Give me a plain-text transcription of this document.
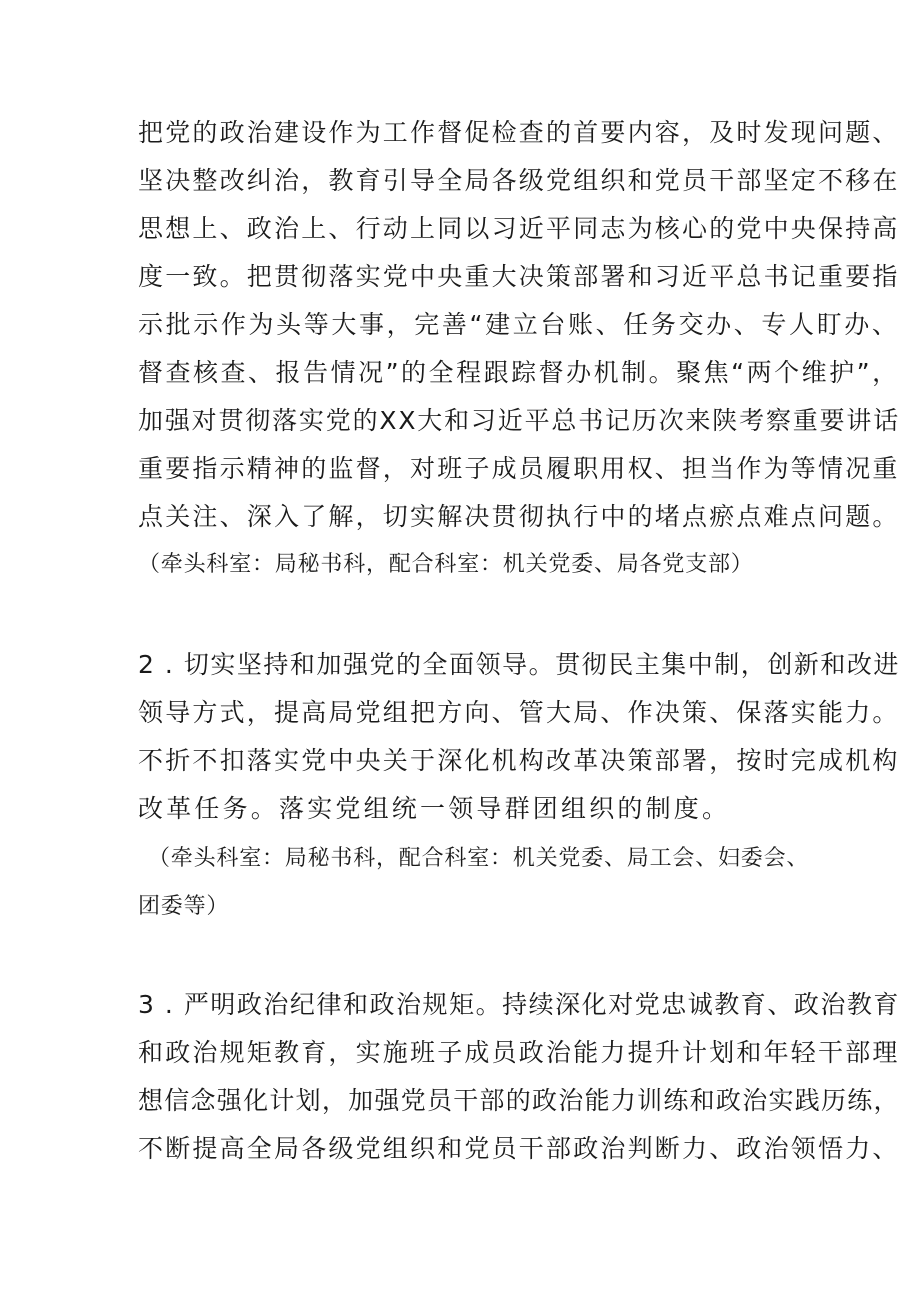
把党的政治建设作为工作督促检查的首要内容，及时发现问题、
坚决整改纠治，教育引导全局各级党组织和党员干部坚定不移在
思想上、政治上、行动上同以习近平同志为核心的党中央保持高
度一致。把贯彻落实党中央重大决策部署和习近平总书记重要指
示批示作为头等大事，完善“建立台账、任务交办、专人盯办、
督查核查、报告情况”的全程跟踪督办机制。聚焦“两个维护”，
加强对贯彻落实党的XX大和习近平总书记历次来陕考察重要讲话
重要指示精神的监督，对班子成员履职用权、担当作为等情况重
点关注、深入了解，切实解决贯彻执行中的堵点瘀点难点问题。
（牵头科室：局秘书科，配合科室：机关党委、局各党支部）
2 . 切实坚持和加强党的全面领导。贯彻民主集中制，创新和改进
领导方式，提高局党组把方向、管大局、作决策、保落实能力。
不折不扣落实党中央关于深化机构改革决策部署，按时完成机构
改革任务。落实党组统一领导群团组织的制度。
（牵头科室：局秘书科，配合科室：机关党委、局工会、妇委会、
团委等）
3 . 严明政治纪律和政治规矩。持续深化对党忠诚教育、政治教育
和政治规矩教育，实施班子成员政治能力提升计划和年轻干部理
想信念强化计划，加强党员干部的政治能力训练和政治实践历练，
不断提高全局各级党组织和党员干部政治判断力、政治领悟力、
